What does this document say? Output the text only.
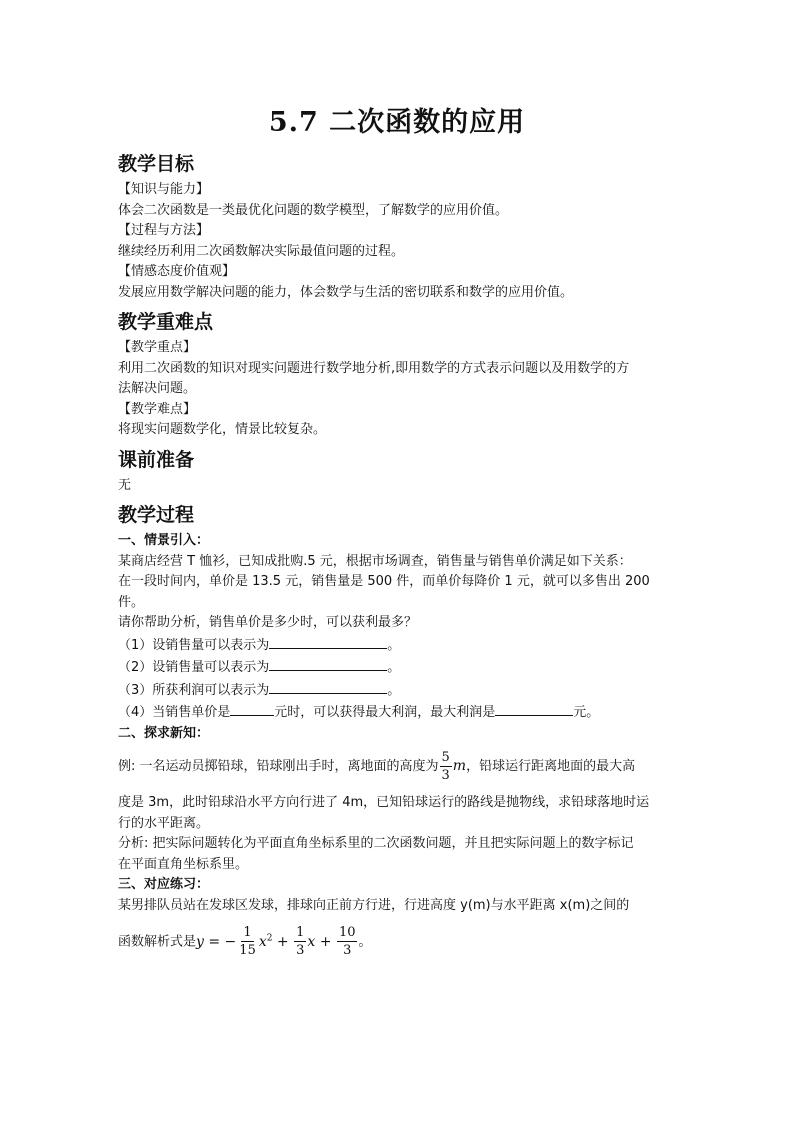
5.7 二次函数的应用
教学目标

【知识与能力】

体会二次函数是一类最优化问题的数学模型，了解数学的应用价值。

【过程与方法】

继续经历利用二次函数解决实际最值问题的过程。

【情感态度价值观】

发展应用数学解决问题的能力，体会数学与生活的密切联系和数学的应用价值。

教学重难点

【教学重点】

利用二次函数的知识对现实问题进行数学地分析,即用数学的方式表示问题以及用数学的方

法解决问题。

【教学难点】

将现实问题数学化，情景比较复杂。

课前准备

无

教学过程

一、情景引入：

某商店经营 T 恤衫，已知成批购.5 元，根据市场调查，销售量与销售单价满足如下关系：

在一段时间内，单价是 13.5 元，销售量是 500 件，而单价每降价 1 元，就可以多售出 200

件。

请你帮助分析，销售单价是多少时，可以获利最多？

（1）设销售量可以表示为	。

（2）设销售量可以表示为	。

（3）所获利润可以表示为	。

（4）当销售单价是	元时，可以获得最大利润，最大利润是	元。

二、探求新知：

例: 一名运动员掷铅球，铅球刚出手时，离地面的高度为 $\frac{5}{3}$ m，铅球运行距离地面的最大高

度是 3m，此时铅球沿水平方向行进了 4m，已知铅球运行的路线是抛物线，求铅球落地时运

行的水平距离。

分析: 把实际问题转化为平面直角坐标系里的二次函数问题，并且把实际问题上的数字标记

在平面直角坐标系里。

三、对应练习：

某男排队员站在发球区发球，排球向正前方行进，行进高度 y(m)与水平距离 x(m)之间的

函数解析式是y = − $\frac{1}{15} x^2 + \frac{1}{3}$ $x + \frac{10}{3}$ 。
